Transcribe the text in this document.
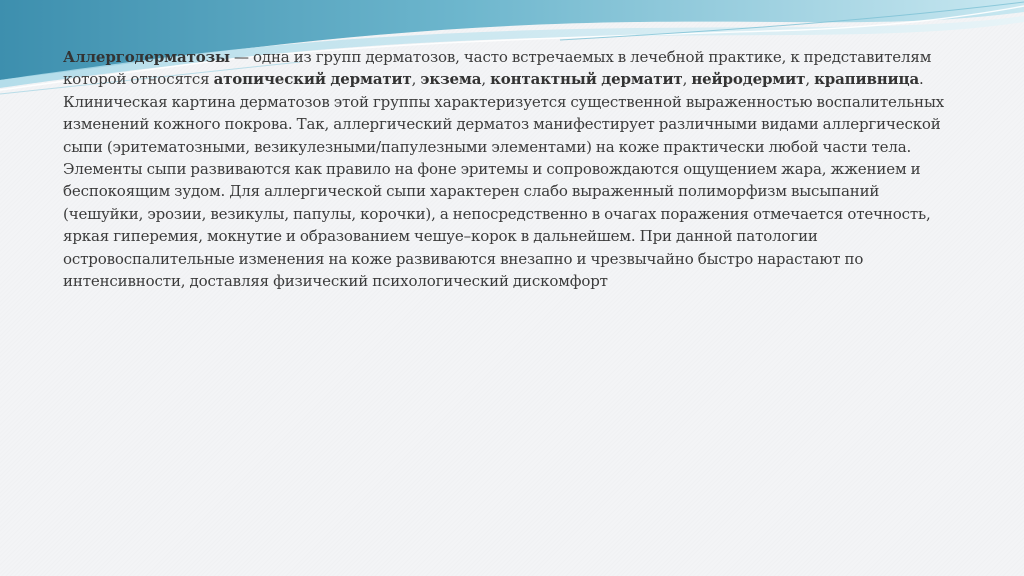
Аллергодерматозы — одна из групп дерматозов, часто встречаемых в лечебной практике, к представителям которой относятся атопический дерматит, экзема, контактный дерматит, нейродермит, крапивница. Клиническая картина дерматозов этой группы характеризуется существенной выраженностью воспалительных изменений кожного покрова. Так, аллергический дерматоз манифестирует различными видами аллергической сыпи (эритематозными, везикулезными/папулезными элементами) на коже практически любой части тела. Элементы сыпи развиваются как правило на фоне эритемы и сопровождаются ощущением жара, жжением и беспокоящим зудом. Для аллергической сыпи характерен слабо выраженный полиморфизм высыпаний (чешуйки, эрозии, везикулы, папулы, корочки), а непосредственно в очагах поражения отмечается отечность, яркая гиперемия, мокнутие и образованием чешуе–корок в дальнейшем. При данной патологии островоспалительные изменения на коже развиваются внезапно и чрезвычайно быстро нарастают по интенсивности, доставляя физический психологический дискомфорт
